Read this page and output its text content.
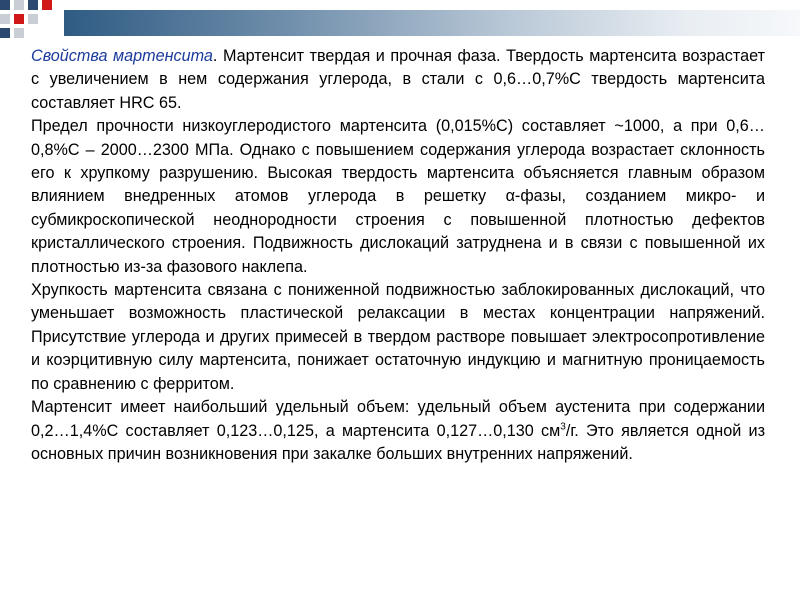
Свойства мартенсита. Мартенсит твердая и прочная фаза. Твердость мартенсита возрастает с увеличением в нем содержания углерода, в стали с 0,6…0,7%С твердость мартенсита составляет HRC 65.

Предел прочности низкоуглеродистого мартенсита (0,015%С) составляет ~1000, а при 0,6…0,8%С – 2000…2300 МПа. Однако с повышением содержания углерода возрастает склонность его к хрупкому разрушению. Высокая твердость мартенсита объясняется главным образом влиянием внедренных атомов углерода в решетку α-фазы, созданием микро- и субмикроскопической неоднородности строения с повышенной плотностью дефектов кристаллического строения. Подвижность дислокаций затруднена и в связи с повышенной их плотностью из-за фазового наклепа.

Хрупкость мартенсита связана с пониженной подвижностью заблокированных дислокаций, что уменьшает возможность пластической релаксации в местах концентрации напряжений. Присутствие углерода и других примесей в твердом растворе повышает электросопротивление и коэрцитивную силу мартенсита, понижает остаточную индукцию и магнитную проницаемость по сравнению с ферритом.

Мартенсит имеет наибольший удельный объем: удельный объем аустенита при содержании 0,2…1,4%С составляет 0,123…0,125, а мартенсита 0,127…0,130 $см^3/г$. Это является одной из основных причин возникновения при закалке больших внутренних напряжений.
